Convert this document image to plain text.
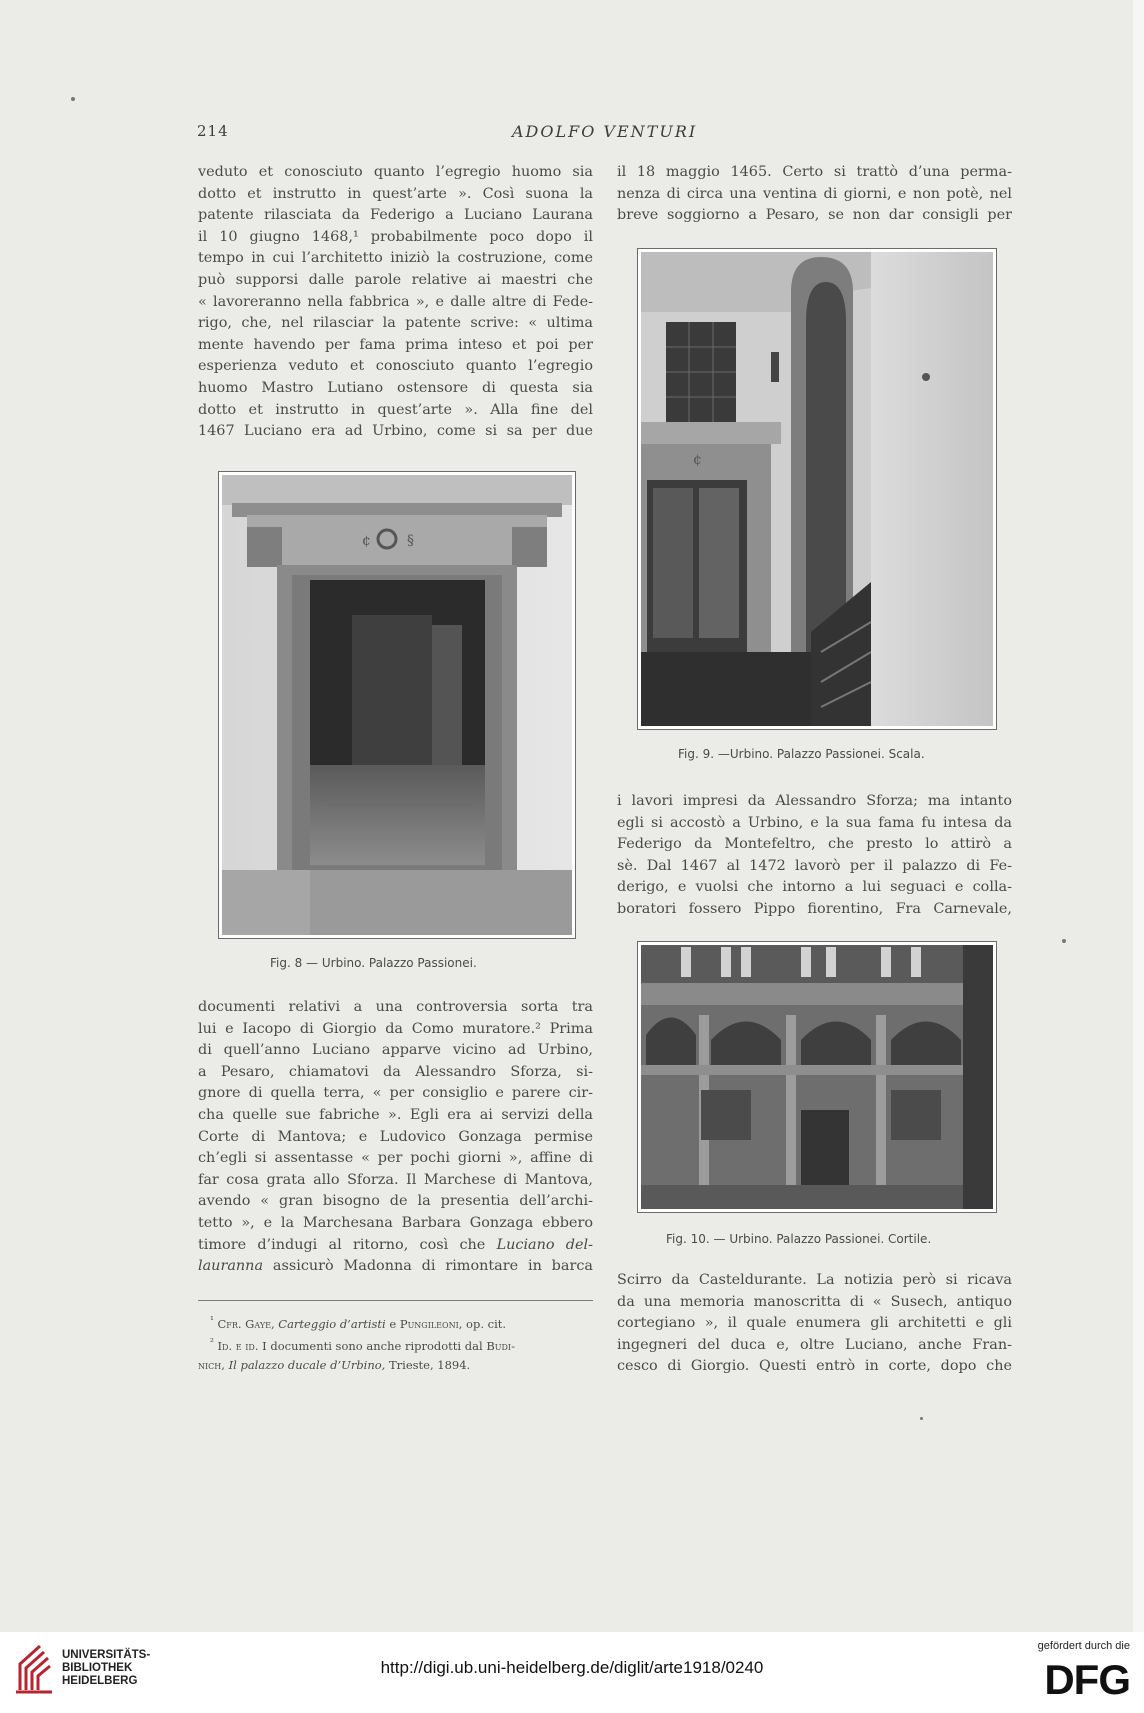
214	ADOLFO VENTURI
veduto et conosciuto quanto l’egregio huomo sia
dotto et instrutto in quest’arte ». Così suona la
patente rilasciata da Federigo a Luciano Laurana
il 10 giugno 1468,¹ probabilmente poco dopo il
tempo in cui l’architetto iniziò la costruzione, come
può supporsi dalle parole relative ai maestri che
« lavoreranno nella fabbrica », e dalle altre di Fede-
rigo, che, nel rilasciar la patente scrive: « ultima
mente havendo per fama prima inteso et poi per
esperienza veduto et conosciuto quanto l’egregio
huomo Mastro Lutiano ostensore di questa sia
dotto et instrutto in quest’arte ». Alla fine del
1467 Luciano era ad Urbino, come si sa per due
¢	§
Fig. 8 — Urbino. Palazzo Passionei.
documenti relativi a una controversia sorta tra
lui e Iacopo di Giorgio da Como muratore.² Prima
di quell’anno Luciano apparve vicino ad Urbino,
a Pesaro, chiamatovi da Alessandro Sforza, si-
gnore di quella terra, « per consiglio e parere cir-
cha quelle sue fabriche ». Egli era ai servizi della
Corte di Mantova; e Ludovico Gonzaga permise
ch’egli si assentasse « per pochi giorni », affine di
far cosa grata allo Sforza. Il Marchese di Mantova,
avendo « gran bisogno de la presentia dell’archi-
tetto », e la Marchesana Barbara Gonzaga ebbero
timore d’indugi al ritorno, così che Luciano del-
lauranna assicurò Madonna di rimontare in barca
$^{^1}$ Cfr. Gaye, Carteggio d’artisti e Pungileoni, op. cit.
$^{^2}$ Id. e id. I documenti sono anche riprodotti dal Budi-
nich, Il palazzo ducale d’Urbino, Trieste, 1894.
il 18 maggio 1465. Certo si trattò d’una perma-
nenza di circa una ventina di giorni, e non potè, nel
breve soggiorno a Pesaro, se non dar consigli per
¢
Fig. 9. —Urbino. Palazzo Passionei. Scala.
i lavori impresi da Alessandro Sforza; ma intanto
egli si accostò a Urbino, e la sua fama fu intesa da
Federigo da Montefeltro, che presto lo attirò a
sè. Dal 1467 al 1472 lavorò per il palazzo di Fe-
derigo, e vuolsi che intorno a lui seguaci e colla-
boratori fossero Pippo fiorentino, Fra Carnevale,
Fig. 10. — Urbino. Palazzo Passionei. Cortile.
Scirro da Casteldurante. La notizia però si ricava
da una memoria manoscritta di « Susech, antiquo
cortegiano », il quale enumera gli architetti e gli
ingegneri del duca e, oltre Luciano, anche Fran-
cesco di Giorgio. Questi entrò in corte, dopo che
UNIVERSITÄTS-
BIBLIOTHEK
HEIDELBERG
http://digi.ub.uni-heidelberg.de/diglit/arte1918/0240
gefördert durch die
DFG
